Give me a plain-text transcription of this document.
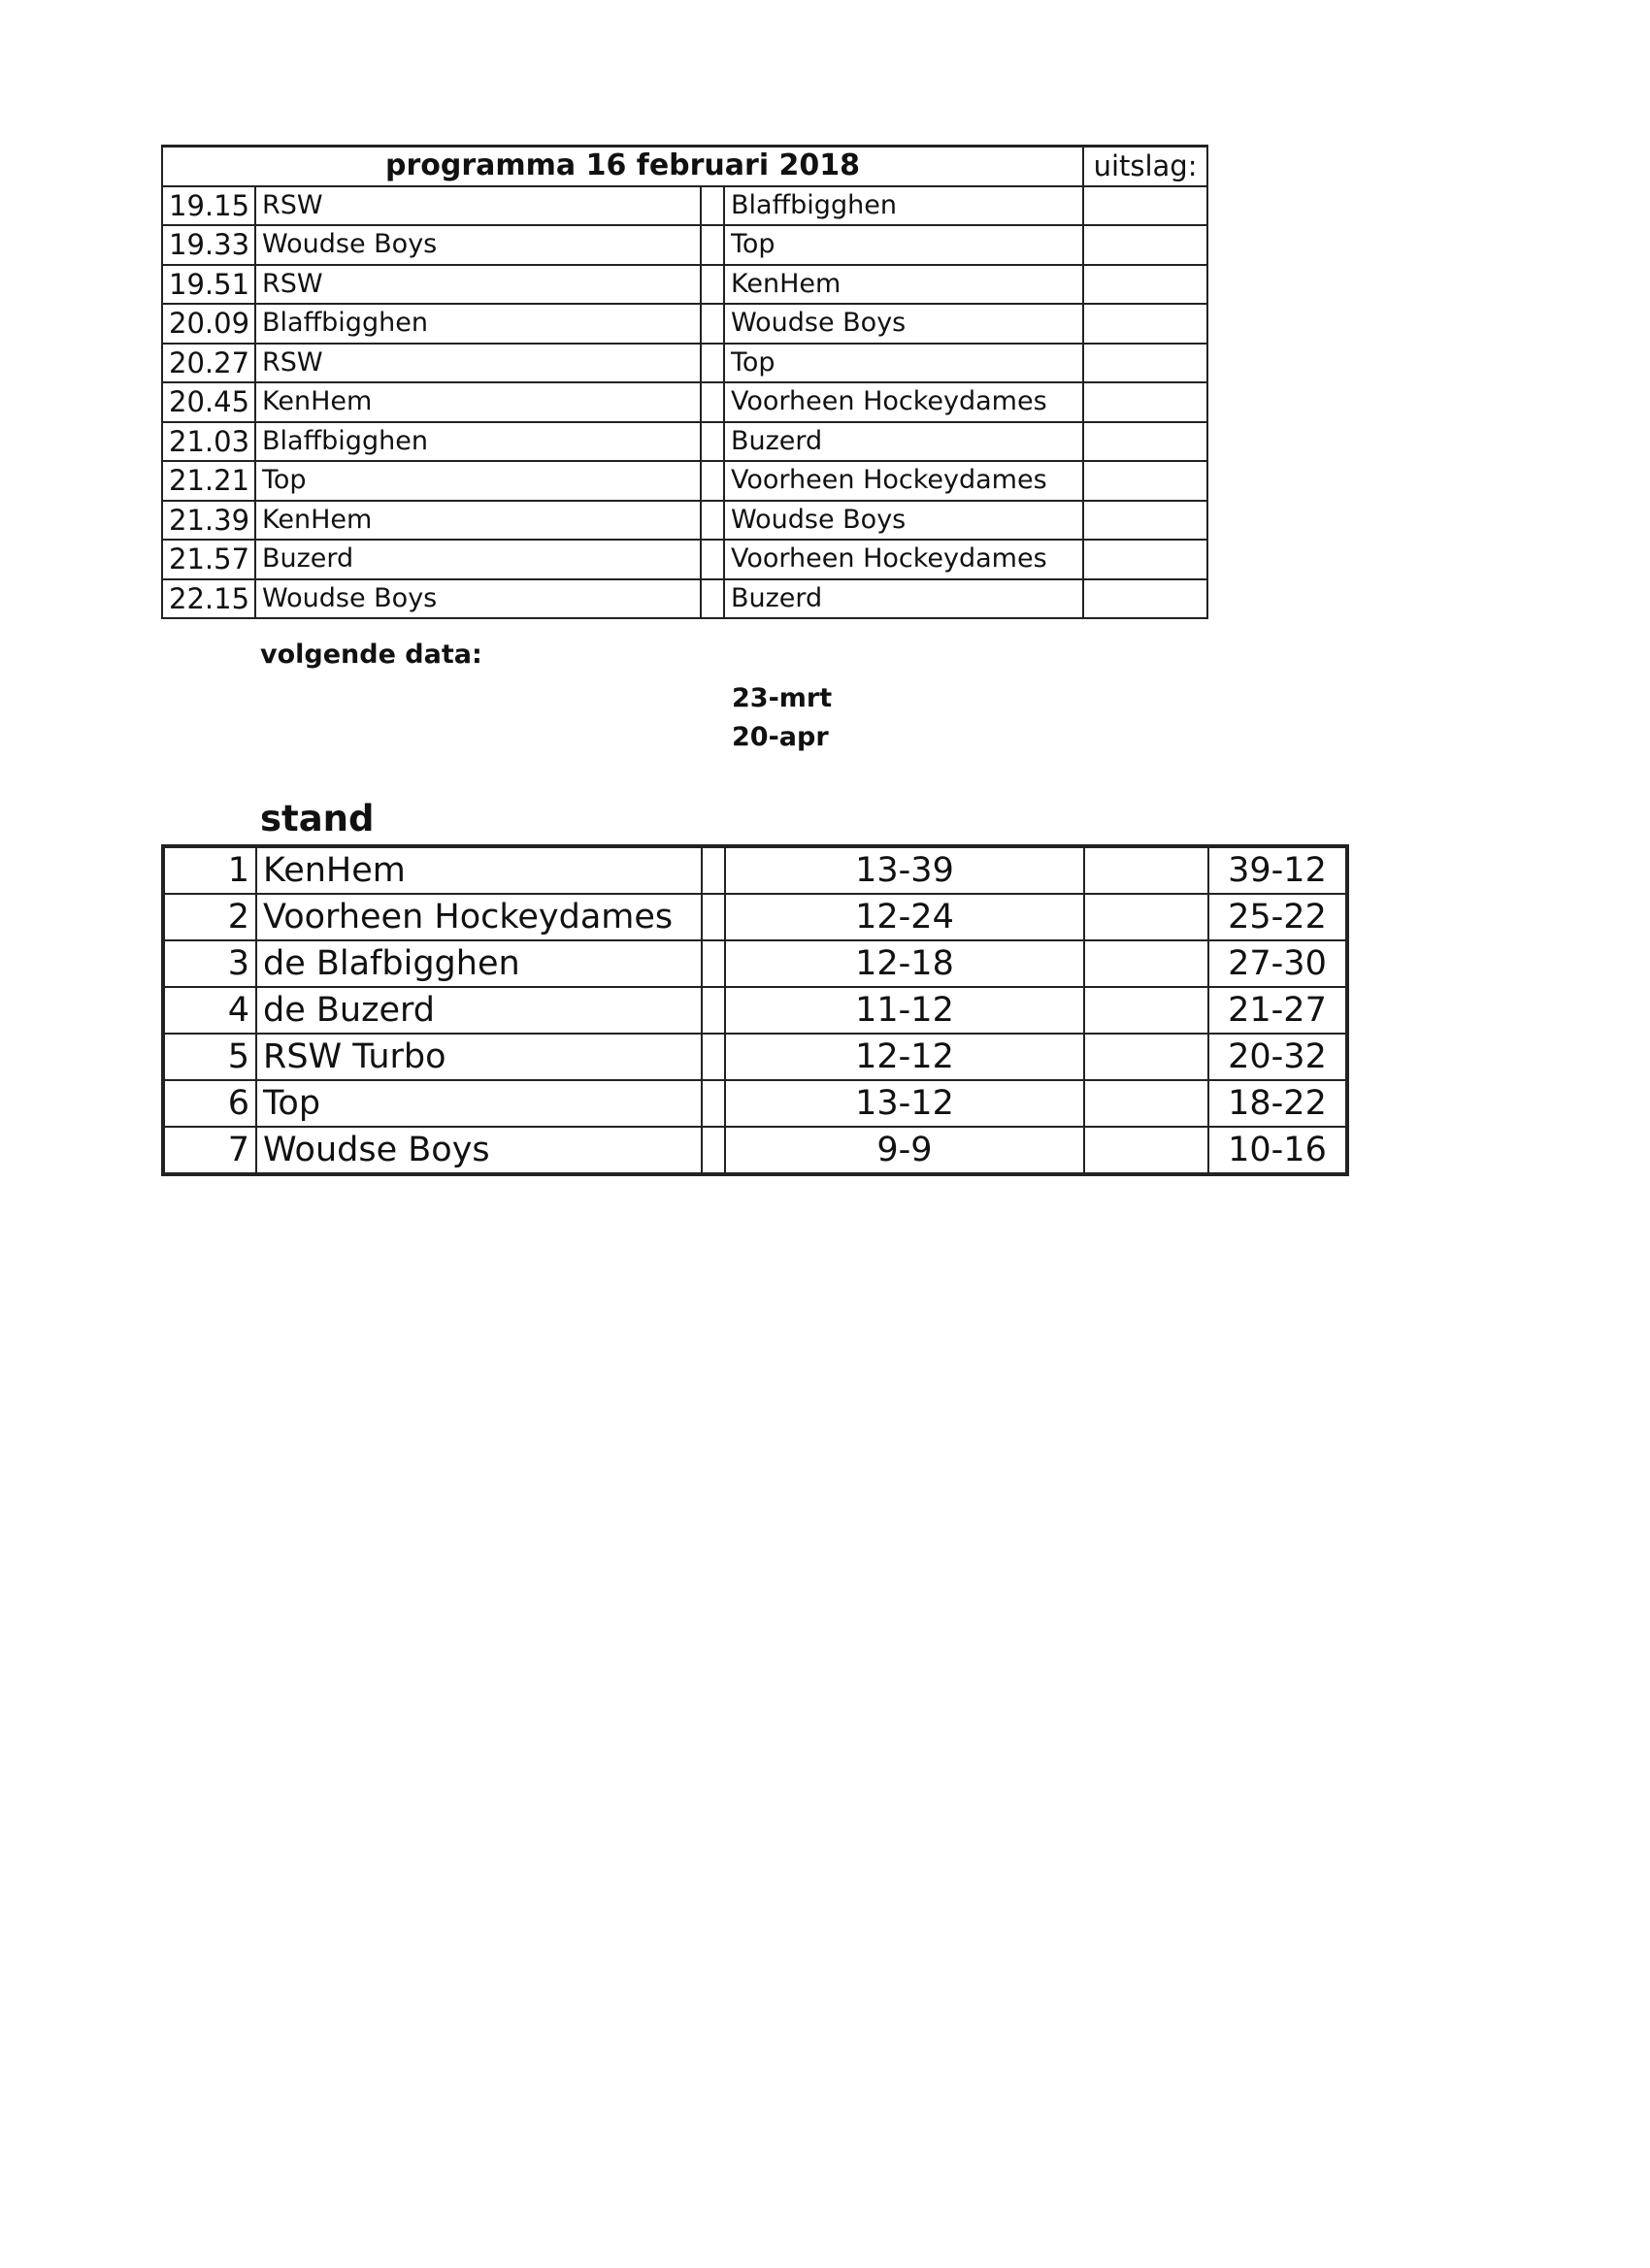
programma 16 februari 2018				uitslag:
19.15	RSW		Blaffbigghen	
19.33	Woudse Boys		Top	
19.51	RSW		KenHem	
20.09	Blaffbigghen		Woudse Boys	
20.27	RSW		Top	
20.45	KenHem		Voorheen Hockeydames	
21.03	Blaffbigghen		Buzerd	
21.21	Top		Voorheen Hockeydames	
21.39	KenHem		Woudse Boys	
21.57	Buzerd		Voorheen Hockeydames	
22.15	Woudse Boys		Buzerd	
volgende data:
23-mrt
20-apr
stand
1	KenHem		13-39		39-12
2	Voorheen Hockeydames		12-24		25-22
3	de Blafbigghen		12-18		27-30
4	de Buzerd		11-12		21-27
5	RSW Turbo		12-12		20-32
6	Top		13-12		18-22
7	Woudse Boys		9-9		10-16
